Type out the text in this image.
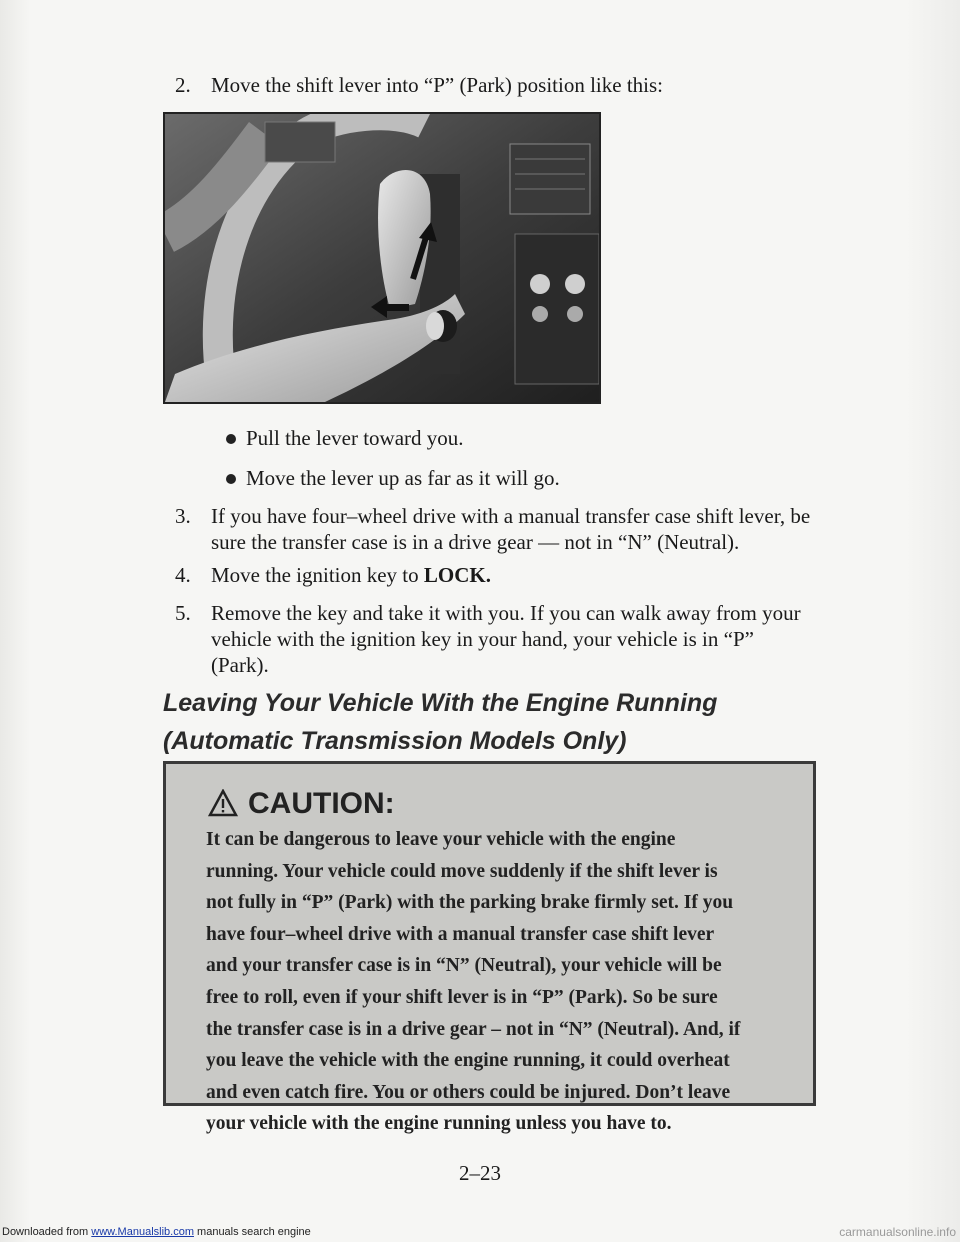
2. Move the shift lever into “P” (Park) position like this:
Pull the lever toward you.
Move the lever up as far as it will go.
3. If you have four–wheel drive with a manual transfer case shift lever, be
sure the transfer case is in a drive gear — not in “N” (Neutral).
4. Move the ignition key to LOCK.
5. Remove the key and take it with you. If you can walk away from your
vehicle with the ignition key in your hand, your vehicle is in “P”
(Park).
Leaving Your Vehicle With the Engine Running
(Automatic Transmission Models Only)
CAUTION:
It can be dangerous to leave your vehicle with the engine
running. Your vehicle could move suddenly if the shift lever is
not fully in “P” (Park) with the parking brake firmly set. If you
have four–wheel drive with a manual transfer case shift lever
and your transfer case is in “N” (Neutral), your vehicle will be
free to roll, even if your shift lever is in “P” (Park). So be sure
the transfer case is in a drive gear – not in “N” (Neutral). And, if
you leave the vehicle with the engine running, it could overheat
and even catch fire. You or others could be injured. Don’t leave
your vehicle with the engine running unless you have to.
2–23
Downloaded from www.Manualslib.com manuals search engine	carmanualsonline.info
